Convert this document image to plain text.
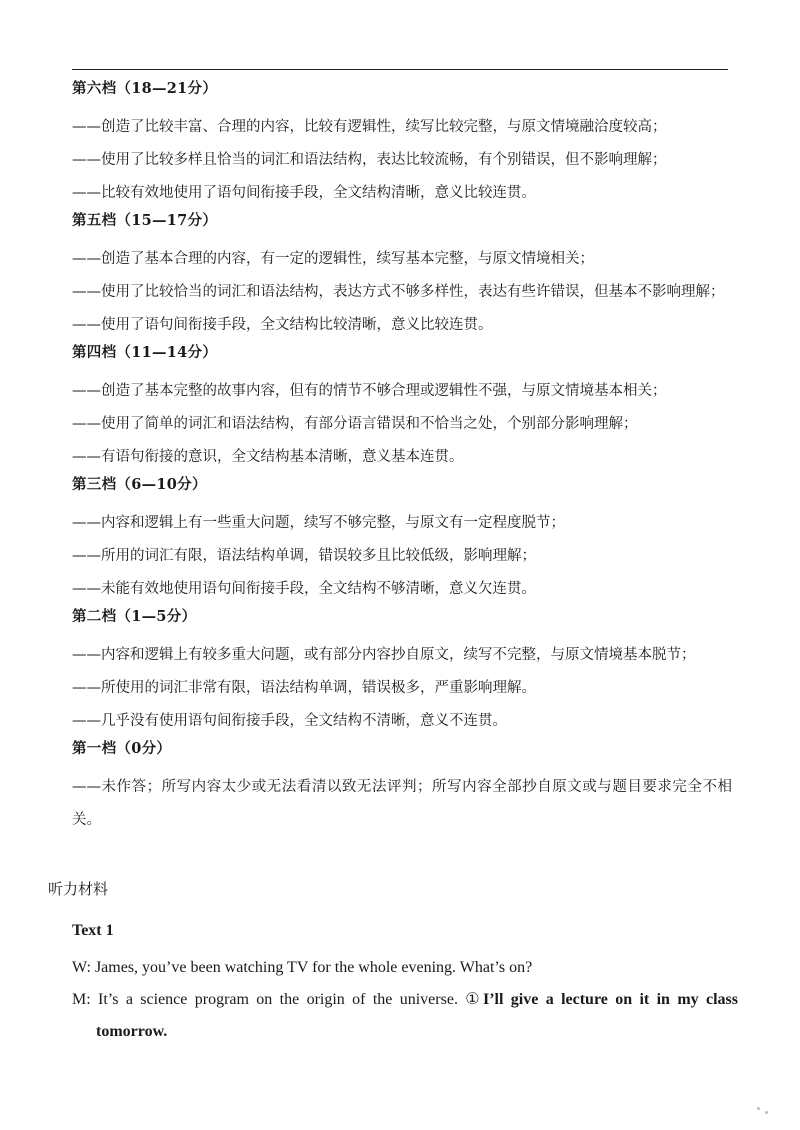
第六档（18—21分）
——创造了比较丰富、合理的内容，比较有逻辑性，续写比较完整，与原文情境融洽度较高；
——使用了比较多样且恰当的词汇和语法结构，表达比较流畅，有个别错误，但不影响理解；
——比较有效地使用了语句间衔接手段，全文结构清晰，意义比较连贯。
第五档（15—17分）
——创造了基本合理的内容，有一定的逻辑性，续写基本完整，与原文情境相关；
——使用了比较恰当的词汇和语法结构，表达方式不够多样性，表达有些许错误，但基本不影响理解；
——使用了语句间衔接手段，全文结构比较清晰，意义比较连贯。
第四档（11—14分）
——创造了基本完整的故事内容，但有的情节不够合理或逻辑性不强，与原文情境基本相关；
——使用了简单的词汇和语法结构，有部分语言错误和不恰当之处，个别部分影响理解；
——有语句衔接的意识，全文结构基本清晰，意义基本连贯。
第三档（6—10分）
——内容和逻辑上有一些重大问题，续写不够完整，与原文有一定程度脱节；
——所用的词汇有限，语法结构单调，错误较多且比较低级，影响理解；
——未能有效地使用语句间衔接手段，全文结构不够清晰，意义欠连贯。
第二档（1—5分）
——内容和逻辑上有较多重大问题，或有部分内容抄自原文，续写不完整，与原文情境基本脱节；
——所使用的词汇非常有限，语法结构单调，错误极多，严重影响理解。
——几乎没有使用语句间衔接手段，全文结构不清晰，意义不连贯。
第一档（0分）
——未作答；所写内容太少或无法看清以致无法评判；所写内容全部抄自原文或与题目要求完全不相关。
听力材料
Text 1
W: James, you’ve been watching TV for the whole evening. What’s on?
M: It’s a science program on the origin of the universe. ①I’ll give a lecture on it in my class tomorrow.
